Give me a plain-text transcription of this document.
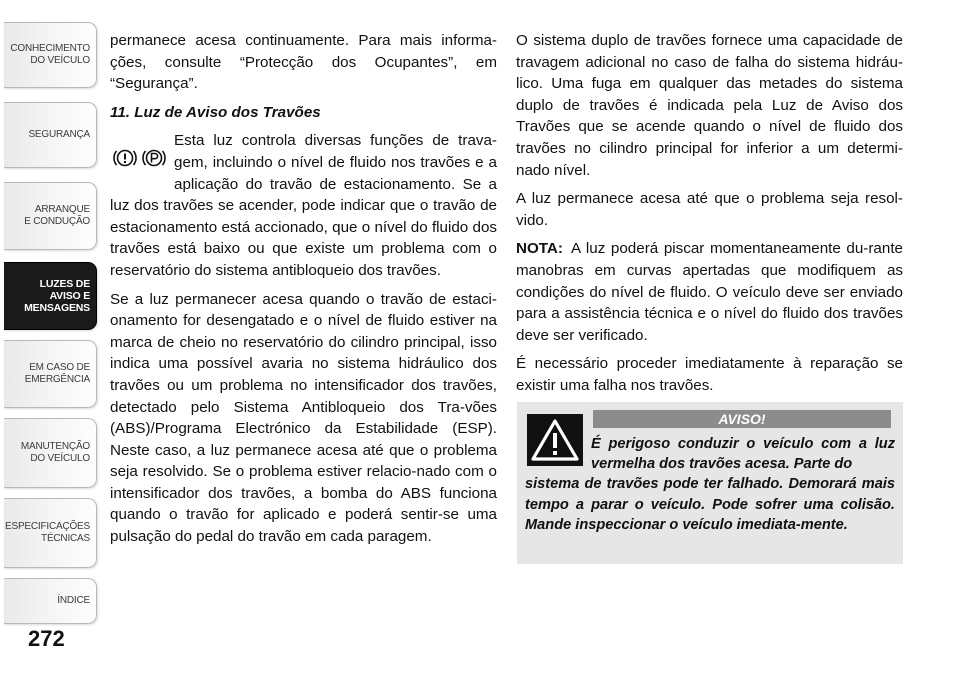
CONHECIMENTO
DO VEÍCULO
SEGURANÇA
ARRANQUE
E CONDUÇÃO
LUZES DE
AVISO E
MENSAGENS
EM CASO DE
EMERGÊNCIA
MANUTENÇÃO
DO VEÍCULO
ESPECIFICAÇÕES
TÉCNICAS
ÍNDICE
272

permanece acesa continuamente. Para mais informa-ções, consulte “Protecção dos Ocupantes”, em “Segurança”.

11. Luz de Aviso dos Travões

Esta luz controla diversas funções de trava-gem, incluindo o nível de fluido nos travões e a aplicação do travão de estacionamento. Se a luz dos travões se acender, pode indicar que o travão de estacionamento está accionado, que o nível do fluido dos travões está baixo ou que existe um problema com o reservatório do sistema antibloqueio dos travões.

Se a luz permanecer acesa quando o travão de estaci-onamento for desengatado e o nível de fluido estiver na marca de cheio no reservatório do cilindro principal, isso indica uma possível avaria no sistema hidráulico dos travões ou um problema no intensificador dos travões, detectado pelo Sistema Antibloqueio dos Tra-vões (ABS)/Programa Electrónico da Estabilidade (ESP). Neste caso, a luz permanece acesa até que o problema seja resolvido. Se o problema estiver relacio-nado com o intensificador dos travões, a bomba do ABS funciona quando o travão for aplicado e poderá sentir-se uma pulsação do pedal do travão em cada paragem.

O sistema duplo de travões fornece uma capacidade de travagem adicional no caso de falha do sistema hidráu-lico. Uma fuga em qualquer das metades do sistema duplo de travões é indicada pela Luz de Aviso dos Travões que se acende quando o nível de fluido dos travões no cilindro principal for inferior a um determi-nado nível.

A luz permanece acesa até que o problema seja resol-vido.

NOTA: A luz poderá piscar momentaneamente du-rante manobras em curvas apertadas que modifiquem as condições do nível de fluido. O veículo deve ser enviado para a assistência técnica e o nível do fluido dos travões deve ser verificado.

É necessário proceder imediatamente à reparação se existir uma falha nos travões.

AVISO!
É perigoso conduzir o veículo com a luz vermelha dos travões acesa. Parte do
sistema de travões pode ter falhado. Demorará mais tempo a parar o veículo. Pode sofrer uma colisão. Mande inspeccionar o veículo imediata-mente.
